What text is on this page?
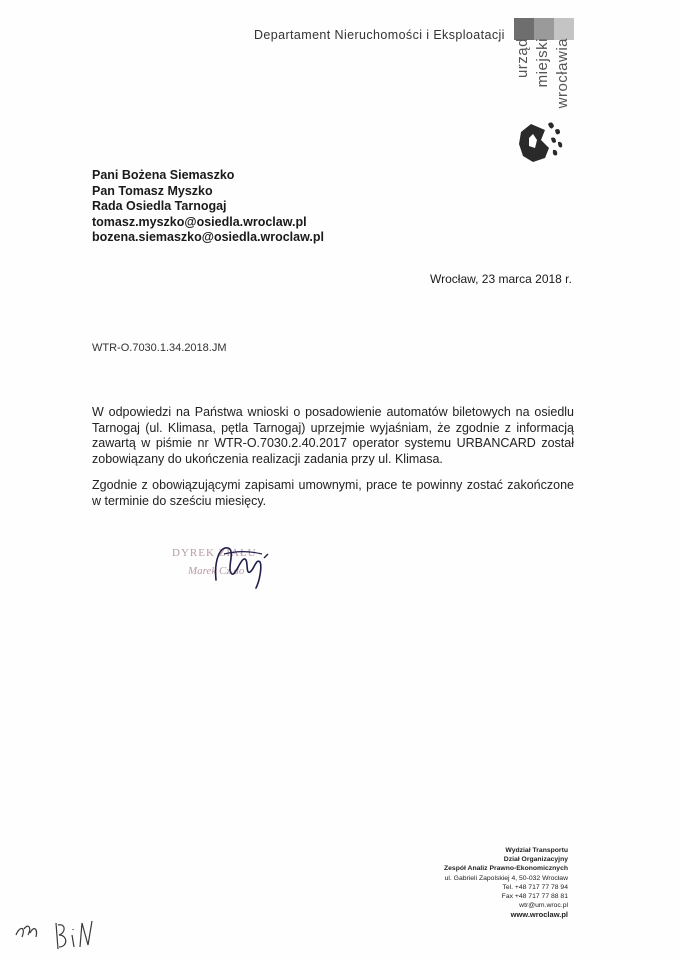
Departament Nieruchomości i Eksploatacji
urząd miejski wrocławia
Pani Bożena Siemaszko
Pan Tomasz Myszko
Rada Osiedla Tarnogaj
tomasz.myszko@osiedla.wroclaw.pl
bozena.siemaszko@osiedla.wroclaw.pl
Wrocław, 23 marca 2018 r.
WTR-O.7030.1.34.2018.JM

W odpowiedzi na Państwa wnioski o posadowienie automatów biletowych na osiedlu Tarnogaj (ul. Klimasa, pętla Tarnogaj) uprzejmie wyjaśniam, że zgodnie z informacją zawartą w piśmie nr WTR-O.7030.2.40.2017 operator systemu URBANCARD został zobowiązany do ukończenia realizacji zadania przy ul. Klimasa.

Zgodnie z obowiązującymi zapisami umownymi, prace te powinny zostać zakończone w terminie do sześciu miesięcy.

DYREK ZIAŁU
Marek Cz do
Wydział Transportu
Dział Organizacyjny
Zespół Analiz Prawno-Ekonomicznych
ul. Gabrieli Zapolskiej 4, 50-032 Wrocław
Tel. +48 717 77 78 94
Fax +48 717 77 88 81
wtr@um.wroc.pl
www.wroclaw.pl
